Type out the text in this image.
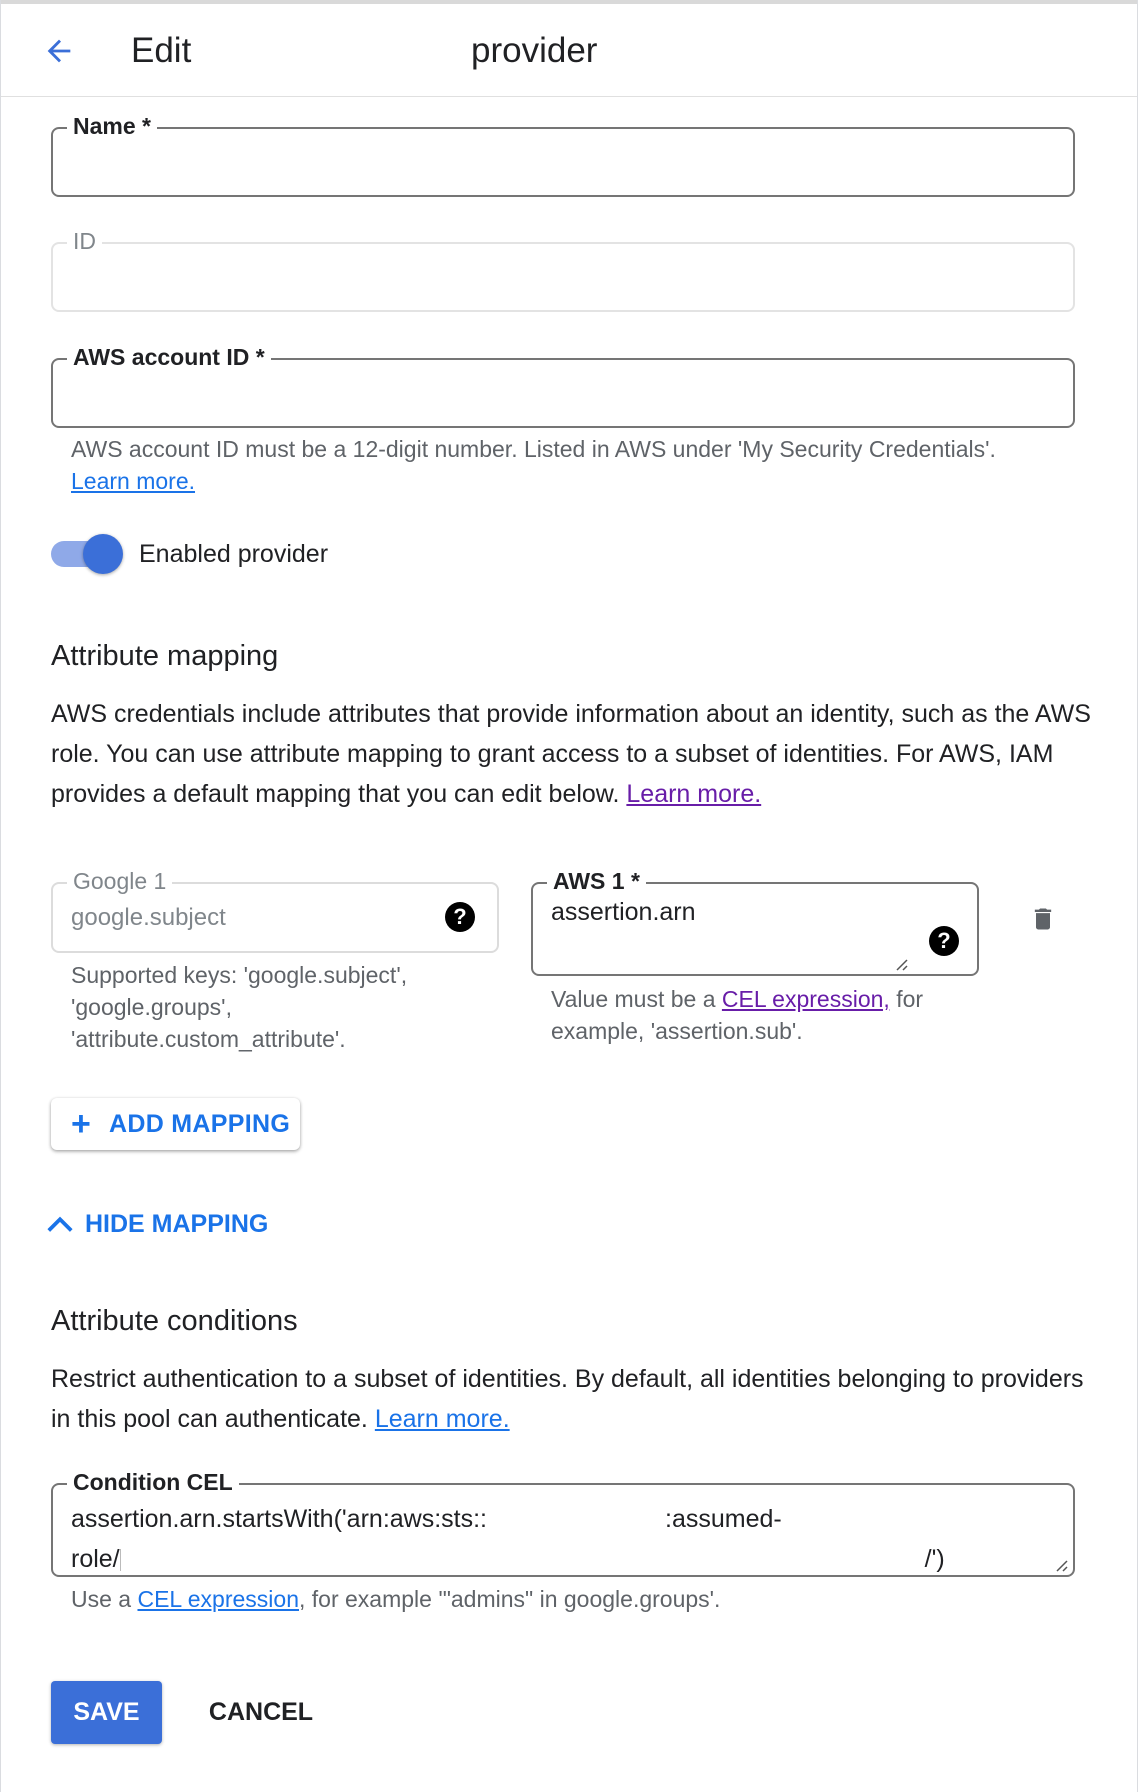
Edit	provider
Name *
ID
AWS account ID *
AWS account ID must be a 12-digit number. Listed in AWS under 'My Security Credentials'.
Learn more.
Enabled provider
Attribute mapping
AWS credentials include attributes that provide information about an identity, such as the AWS role. You can use attribute mapping to grant access to a subset of identities. For AWS, IAM provides a default mapping that you can edit below. Learn more.
Google 1
google.subject
?
Supported keys: 'google.subject',
'google.groups',
'attribute.custom_attribute'.
AWS 1 *
assertion.arn
?
Value must be a CEL expression, for
example, 'assertion.sub'.
+ ADD MAPPING
HIDE MAPPING
Attribute conditions
Restrict authentication to a subset of identities. By default, all identities belonging to providers in this pool can authenticate. Learn more.
Condition CEL
assertion.arn.startsWith('arn:aws:sts::	:assumed-
role/	/')
Use a CEL expression, for example '"admins" in google.groups'.
SAVE	CANCEL
